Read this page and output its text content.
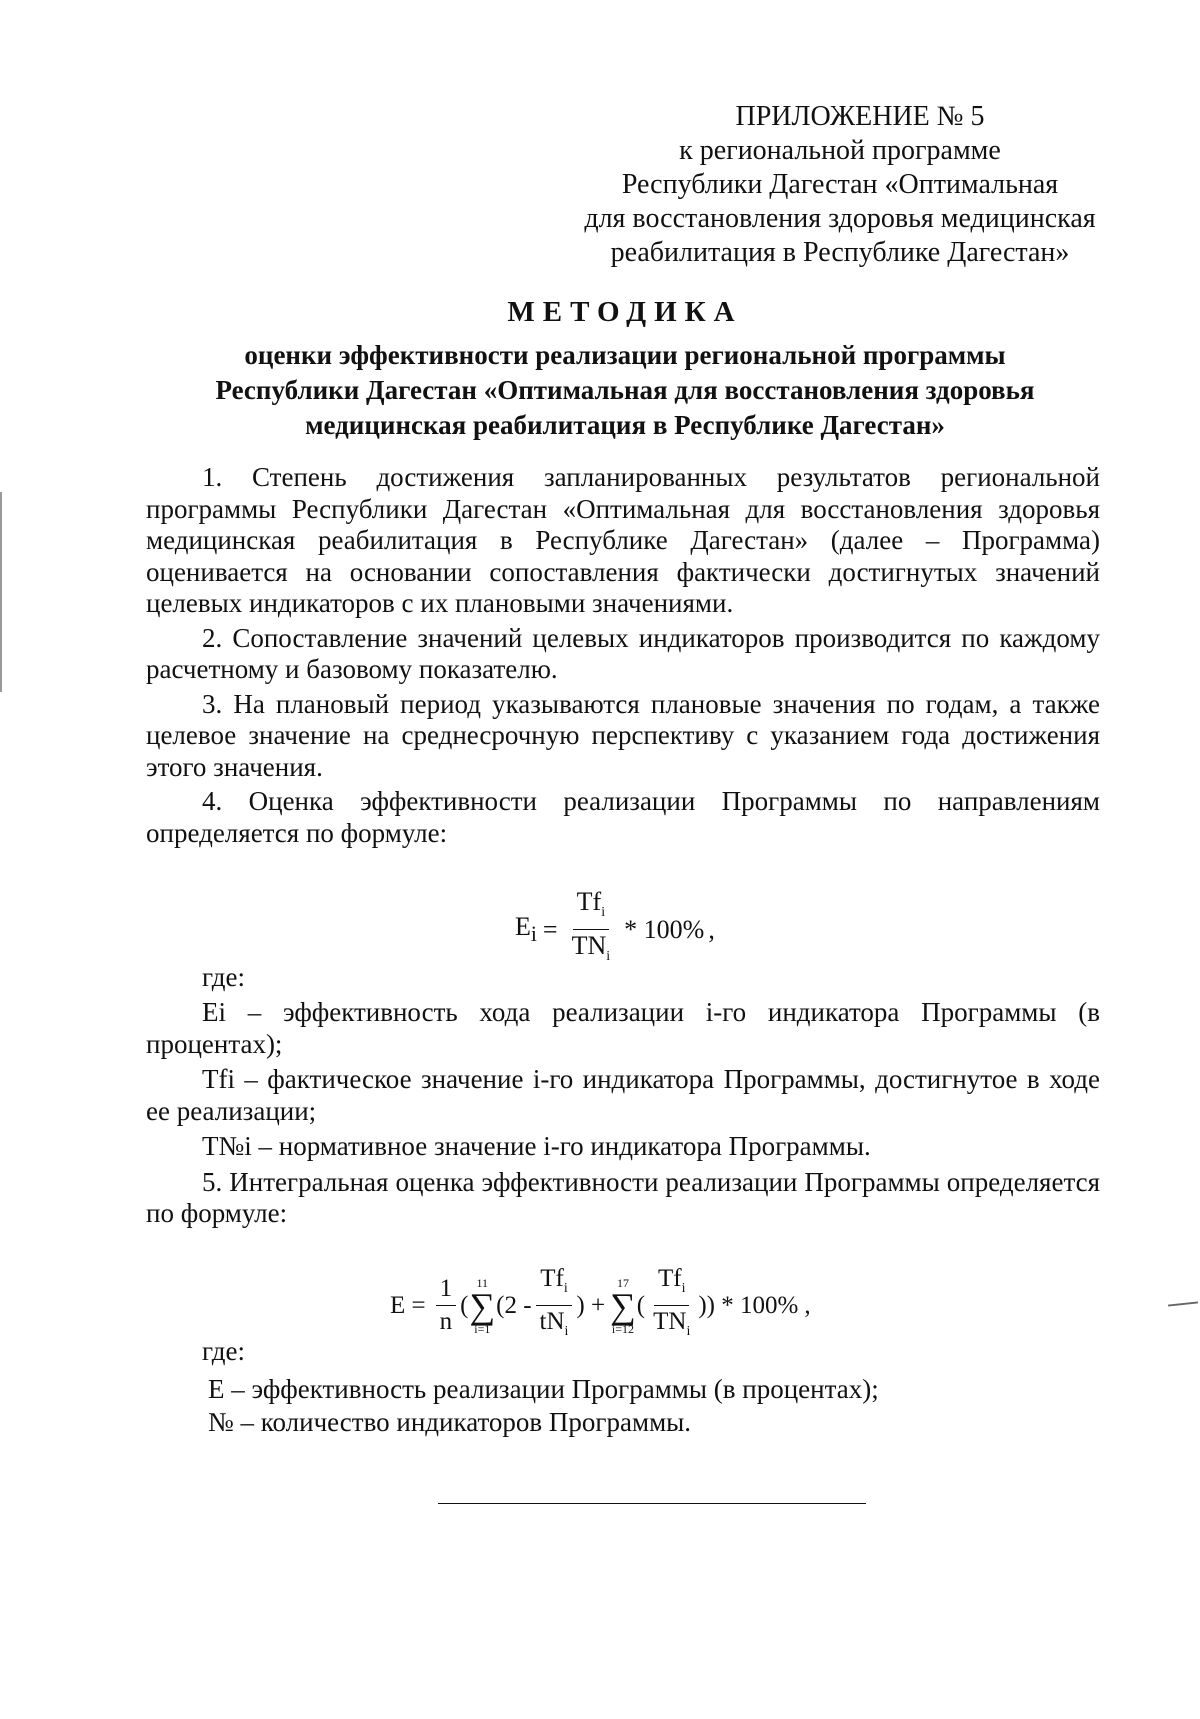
ПРИЛОЖЕНИЕ № 5
к региональной программе
Республики Дагестан «Оптимальная
для восстановления здоровья медицинская
реабилитация в Республике Дагестан»
МЕТОДИКА
оценки эффективности реализации региональной программы
Республики Дагестан «Оптимальная для восстановления здоровья
медицинская реабилитация в Республике Дагестан»

1. Степень достижения запланированных результатов региональной программы Республики Дагестан «Оптимальная для восстановления здоровья медицинская реабилитация в Республике Дагестан» (далее – Программа) оценивается на основании сопоставления фактически достигнутых значений целевых индикаторов с их плановыми значениями.

2. Сопоставление значений целевых индикаторов производится по каждому расчетному и базовому показателю.

3. На плановый период указываются плановые значения по годам, а также целевое значение на среднесрочную перспективу с указанием года достижения этого значения.

4. Оценка эффективности реализации Программы по направлениям определяется по формуле:

$E_i = \frac{Tf_i}{TN_i} * 100\%$ ,
где:

Ei – эффективность хода реализации i-го индикатора Программы (в процентах);

Tfi – фактическое значение i-го индикатора Программы, достигнутое в ходе ее реализации;

T№i – нормативное значение i-го индикатора Программы.

5. Интегральная оценка эффективности реализации Программы определяется по формуле:

$E = \frac{1}{n}$ (
11
∑
i=1
($2 - \frac{Tf_i}{tN_i}$ ) +
17
∑
i=12
( $\frac{Tf_i}{TN_i}$ )) * 100% ,
где:
E – эффективность реализации Программы (в процентах);
№ – количество индикаторов Программы.
